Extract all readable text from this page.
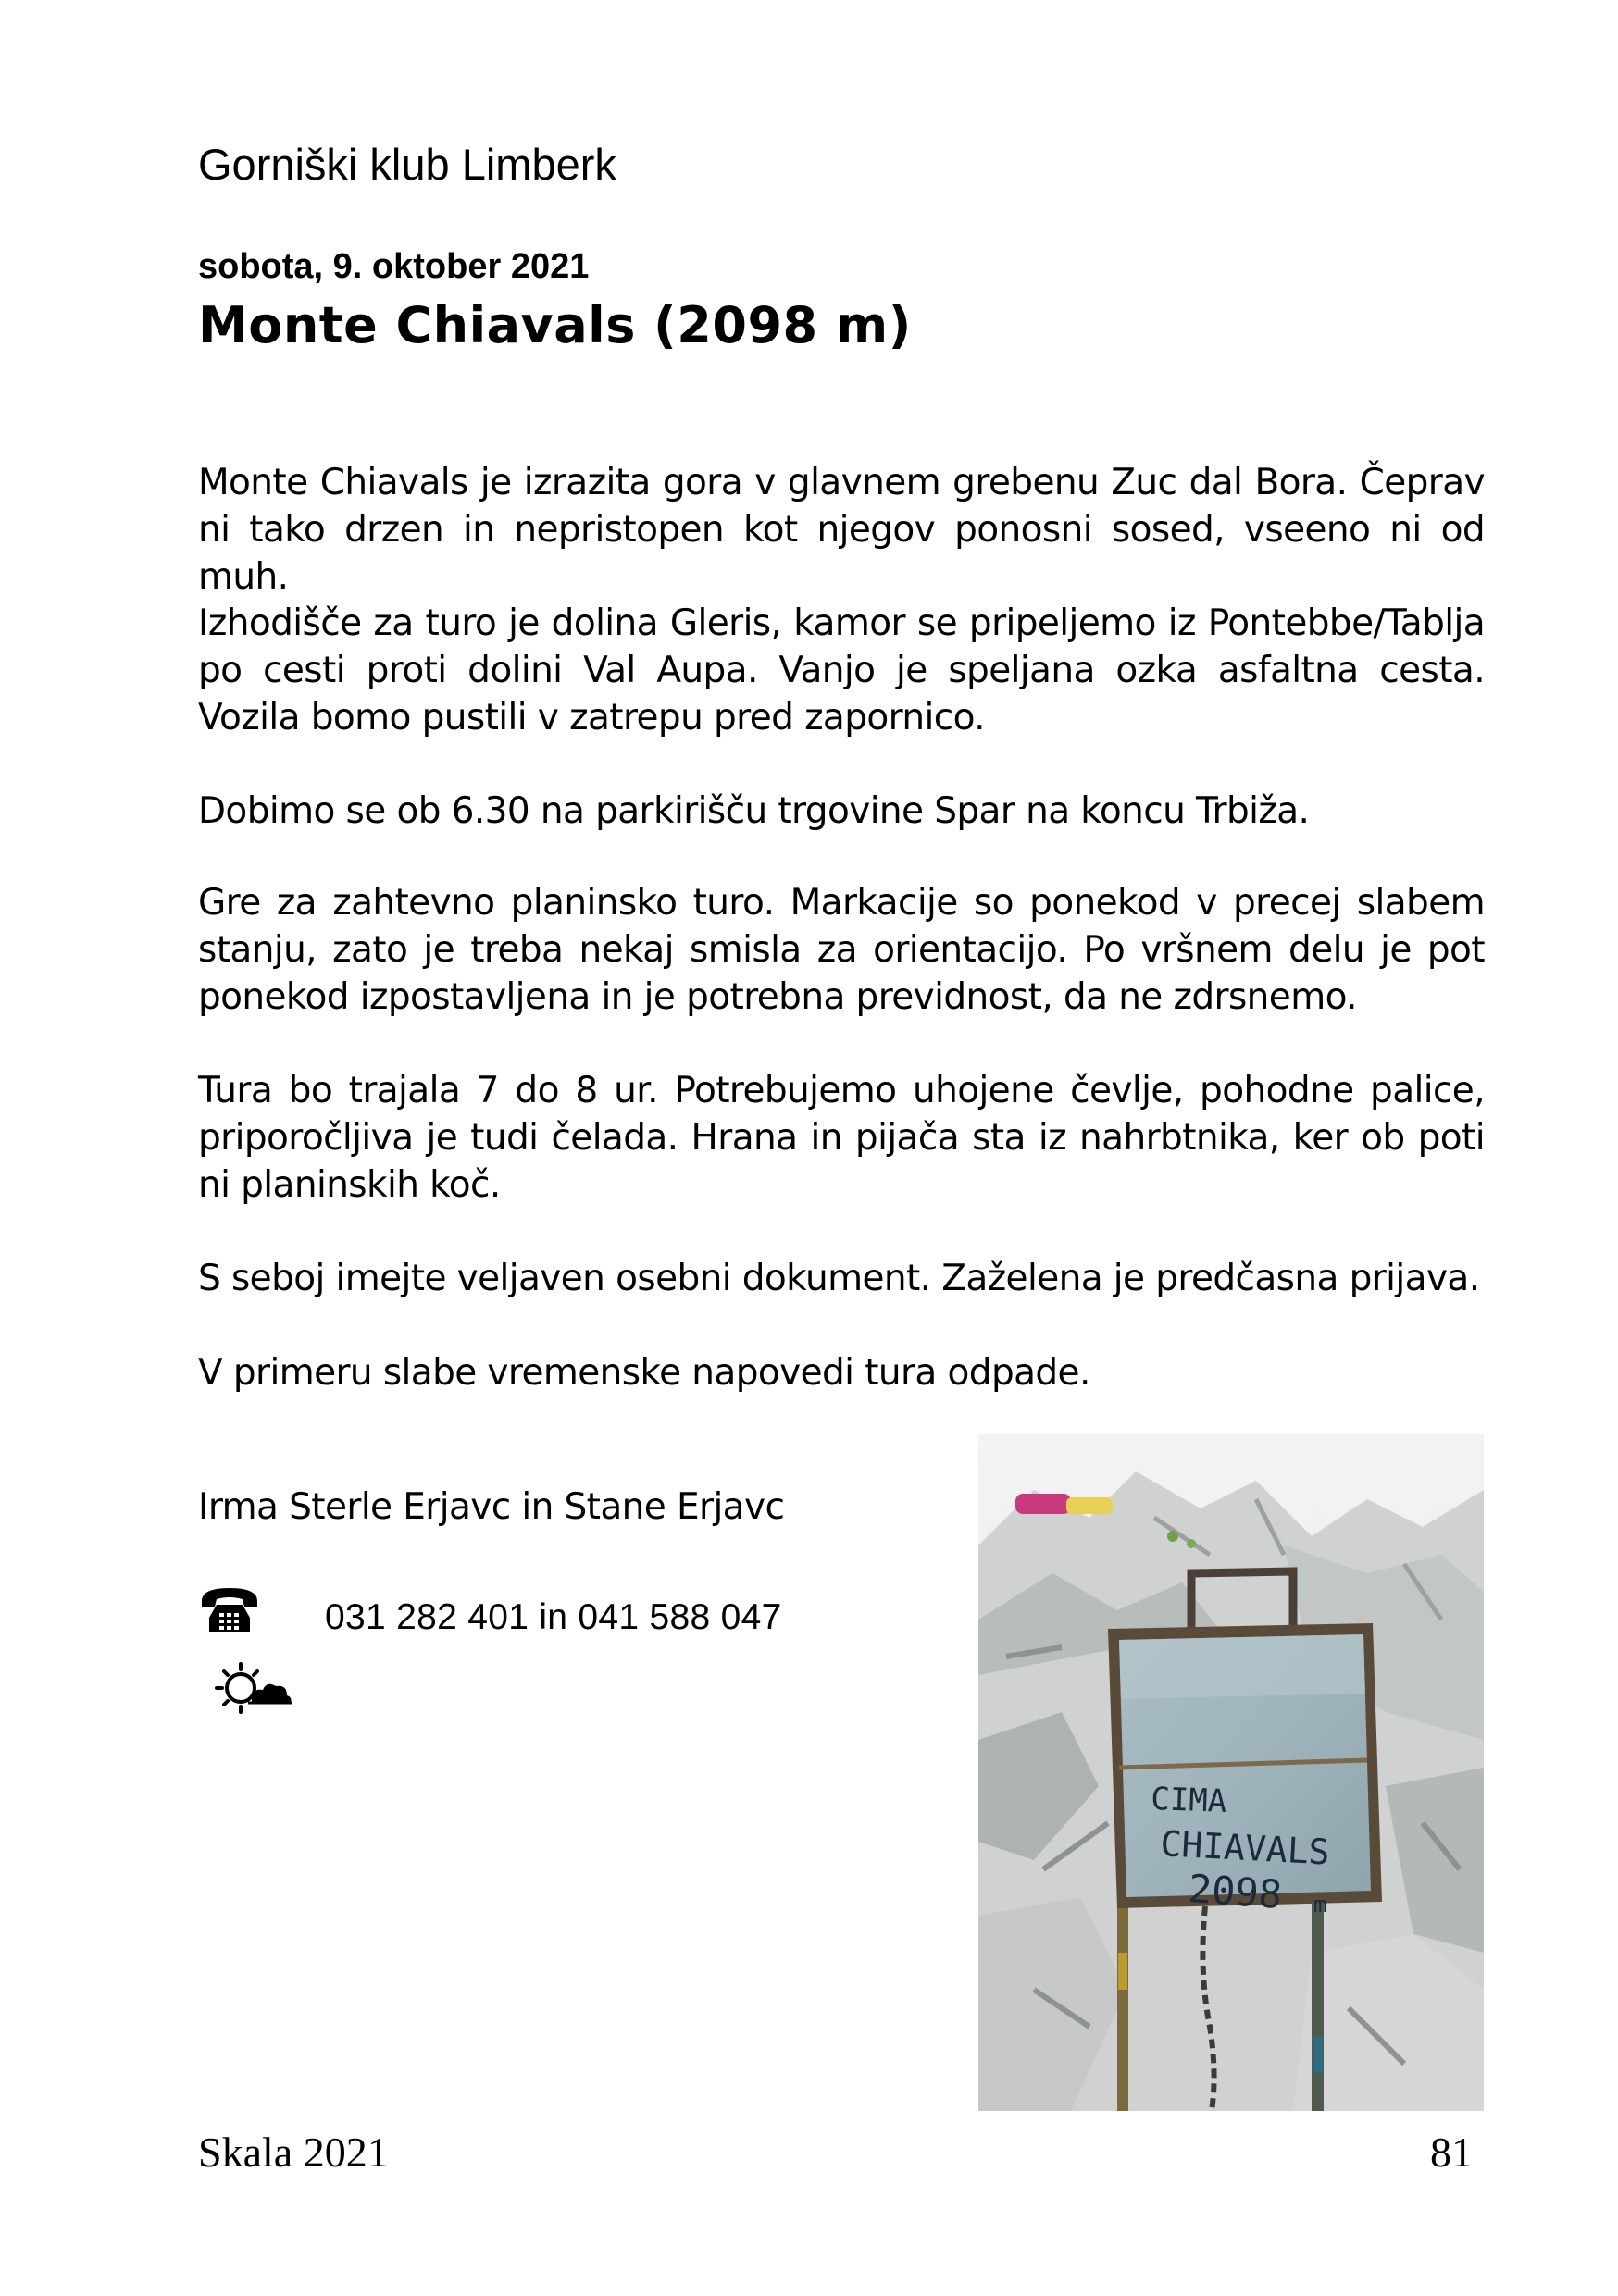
Gorniški klub Limberk
sobota, 9. oktober 2021
Monte Chiavals (2098 m)

Monte Chiavals je izrazita gora v glavnem grebenu Zuc dal Bora. Čeprav ni tako drzen in nepristopen kot njegov ponosni sosed, vseeno ni od muh.

Izhodišče za turo je dolina Gleris, kamor se pripeljemo iz Pontebbe/Tablja po cesti proti dolini Val Aupa. Vanjo je speljana ozka asfaltna cesta. Vozila bomo pustili v zatrepu pred zapornico.

Dobimo se ob 6.30 na parkirišču trgovine Spar na koncu Trbiža.

Gre za zahtevno planinsko turo. Markacije so ponekod v precej slabem stanju, zato je treba nekaj smisla za orientacijo. Po vršnem delu je pot ponekod izpostavljena in je potrebna previdnost, da ne zdrsnemo.

Tura bo trajala 7 do 8 ur. Potrebujemo uhojene čevlje, pohodne palice, priporočljiva je tudi čelada. Hrana in pijača sta iz nahrbtnika, ker ob poti ni planinskih koč.

S seboj imejte veljaven osebni dokument. Zaželena je predčasna prijava.

V primeru slabe vremenske napovedi tura odpade.

Irma Sterle Erjavc in Stane Erjavc
031 282 401 in 041 588 047
CIMA
CHIAVALS
2098 m
Skala 2021	81
